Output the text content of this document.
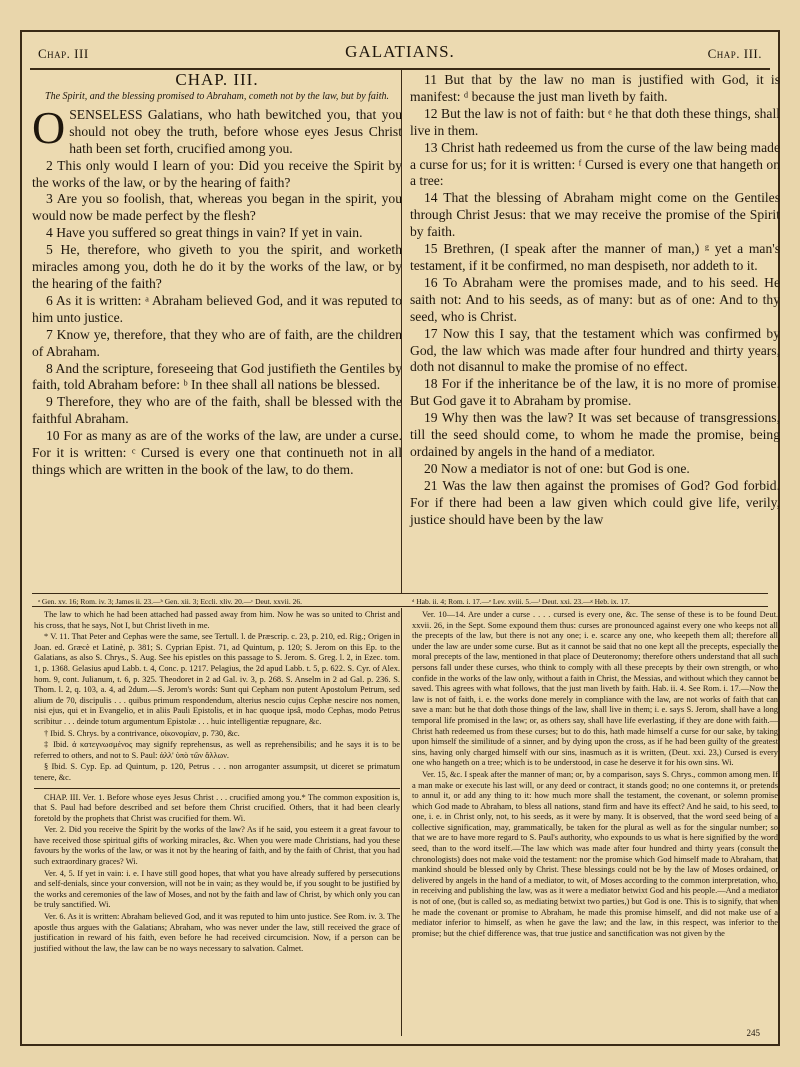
Chap. III	GALATIANS.	Chap. III.
CHAP. III.
The Spirit, and the blessing promised to Abraham, cometh not by the law, but by faith.

OSENSELESS Galatians, who hath bewitched you, that you should not obey the truth, before whose eyes Jesus Christ hath been set forth, crucified among you.

2 This only would I learn of you: Did you receive the Spirit by the works of the law, or by the hearing of faith?

3 Are you so foolish, that, whereas you began in the spirit, you would now be made perfect by the flesh?

4 Have you suffered so great things in vain? If yet in vain.

5 He, therefore, who giveth to you the spirit, and worketh miracles among you, doth he do it by the works of the law, or by the hearing of the faith?

6 As it is written: ᵃ Abraham believed God, and it was reputed to him unto justice.

7 Know ye, therefore, that they who are of faith, are the children of Abraham.

8 And the scripture, foreseeing that God justifieth the Gentiles by faith, told Abraham before: ᵇ In thee shall all nations be blessed.

9 Therefore, they who are of the faith, shall be blessed with the faithful Abraham.

10 For as many as are of the works of the law, are under a curse. For it is written: ᶜ Cursed is every one that continueth not in all things which are written in the book of the law, to do them.

11 But that by the law no man is justified with God, it is manifest: ᵈ because the just man liveth by faith.

12 But the law is not of faith: but ᵉ he that doth these things, shall live in them.

13 Christ hath redeemed us from the curse of the law being made a curse for us; for it is written: ᶠ Cursed is every one that hangeth on a tree:

14 That the blessing of Abraham might come on the Gentiles through Christ Jesus: that we may receive the promise of the Spirit by faith.

15 Brethren, (I speak after the manner of man,) ᵍ yet a man's testament, if it be confirmed, no man despiseth, nor addeth to it.

16 To Abraham were the promises made, and to his seed. He saith not: And to his seeds, as of many: but as of one: And to thy seed, who is Christ.

17 Now this I say, that the testament which was confirmed by God, the law which was made after four hundred and thirty years, doth not disannul to make the promise of no effect.

18 For if the inheritance be of the law, it is no more of promise. But God gave it to Abraham by promise.

19 Why then was the law? It was set because of transgressions, till the seed should come, to whom he made the promise, being ordained by angels in the hand of a mediator.

20 Now a mediator is not of one: but God is one.

21 Was the law then against the promises of God? God forbid. For if there had been a law given which could give life, verily, justice should have been by the law

ᵃ Gen. xv. 16; Rom. iv. 3; James ii. 23.—ᵇ Gen. xii. 3; Eccli. xliv. 20.—ᶜ Deut. xxvii. 26.	ᵈ Hab. ii. 4; Rom. i. 17.—ᵉ Lev. xviii. 5.—ᶠ Deut. xxi. 23.—ᵍ Heb. ix. 17.

The law to which he had been attached had passed away from him. Now he was so united to Christ and his cross, that he says, Not I, but Christ liveth in me.

* V. 11. That Peter and Cephas were the same, see Tertull. l. de Præscrip. c. 23, p. 210, ed. Rig.; Origen in Joan. ed. Græcè et Latinè, p. 381; S. Cyprian Epist. 71, ad Quintum, p. 120; S. Jerom on this Ep. to the Galatians, as also S. Chrys., S. Aug. See his epistles on this passage to S. Jerom. S. Greg. l. 2, in Ezec. tom. 1, p. 1368. Gelasius apud Labb. t. 4, Conc. p. 1217. Pelagius, the 2d apud Labb. t. 5, p. 622. S. Cyr. of Alex. hom. 9, cont. Julianum, t. 6, p. 325. Theodoret in 2 ad Gal. iv. 3, p. 268. S. Anselm in 2 ad Gal. p. 236. S. Thom. l. 2, q. 103, a. 4, ad 2dum.—S. Jerom's words: Sunt qui Cepham non putent Apostolum Petrum, sed alium de 70, discipulis . . . quibus primum respondendum, alterius nescio cujus Cephæ nescire nos nomen, nisi ejus, qui et in Evangelio, et in aliis Pauli Epistolis, et in hac quoque ipsâ, modo Cephas, modo Petrus scribitur . . . deinde totum argumentum Epistolæ . . . huic intelligentiæ repugnare, &c.

† Ibid. S. Chrys. by a contrivance, οἰκονομίαν, p. 730, &c.

‡ Ibid. ἀ κατεγνωσμένος may signify reprehensus, as well as reprehensibilis; and he says it is to be referred to others, and not to S. Paul: ἀλλ' ὑπὸ τῶν ἄλλων.

§ Ibid. S. Cyp. Ep. ad Quintum, p. 120, Petrus . . . non arroganter assumpsit, ut diceret se primatum tenere, &c.

CHAP. III. Ver. 1. Before whose eyes Jesus Christ . . . crucified among you.* The common exposition is, that S. Paul had before described and set before them Christ crucified. Others, that it had been clearly foretold by the prophets that Christ was crucified for them. Wi.

Ver. 2. Did you receive the Spirit by the works of the law? As if he said, you esteem it a great favour to have received those spiritual gifts of working miracles, &c. When you were made Christians, had you these favours by the works of the law, or was it not by the hearing of faith, and by the faith of Christ, that you had such extraordinary graces? Wi.

Ver. 4, 5. If yet in vain: i. e. I have still good hopes, that what you have already suffered by persecutions and self-denials, since your conversion, will not be in vain; as they would be, if you sought to be justified by the works and ceremonies of the law of Moses, and not by the faith and law of Christ, by which only you can be truly sanctified. Wi.

Ver. 6. As it is written: Abraham believed God, and it was reputed to him unto justice. See Rom. iv. 3. The apostle thus argues with the Galatians; Abraham, who was never under the law, still received the grace of justification in reward of his faith, even before he had received circumcision. Now, if a person can be justified without the law, the law can be no ways necessary to salvation. Calmet.

Ver. 10—14. Are under a curse . . . . cursed is every one, &c. The sense of these is to be found Deut. xxvii. 26, in the Sept. Some expound them thus: curses are pronounced against every one who keeps not all the precepts of the law, but there is not any one; i. e. scarce any one, who keepeth them all; therefore all under the law are under some curse. But as it cannot be said that no one kept all the precepts, especially the moral precepts of the law, mentioned in that place of Deuteronomy; therefore others understand that all such persons fall under these curses, who think to comply with all these precepts by their own strength, or who confide in the works of the law only, without a faith in Christ, the Messias, and without which they cannot be saved. This agrees with what follows, that the just man liveth by faith. Hab. ii. 4. See Rom. i. 17.—Now the law is not of faith, i. e. the works done merely in compliance with the law, are not works of faith that can save a man: but he that doth those things of the law, shall live in them; i. e. says S. Jerom, shall have a long temporal life promised in the law; or, as others say, shall have life everlasting, if they are done with faith.—Christ hath redeemed us from these curses; but to do this, hath made himself a curse for our sake, by taking upon himself the similitude of a sinner, and by dying upon the cross, as if he had been guilty of the greatest sins, having only charged himself with our sins, inasmuch as it is written, (Deut. xxi. 23,) Cursed is every one who hangeth on a tree; which is to be understood, in case he deserve it for his own sins. Wi.

Ver. 15, &c. I speak after the manner of man; or, by a comparison, says S. Chrys., common among men. If a man make or execute his last will, or any deed or contract, it stands good; no one contemns it, or pretends to annul it, or add any thing to it: how much more shall the testament, the covenant, or solemn promise which God made to Abraham, to bless all nations, stand firm and have its effect? And he said, to his seed, to one, i. e. in Christ only, not, to his seeds, as it were by many. It is observed, that the word seed being of a collective signification, may, grammatically, be taken for the plural as well as for the singular number; so that we are to have more regard to S. Paul's authority, who expounds to us what is here signified by the word seed, than to the word itself.—The law which was made after four hundred and thirty years (consult the chronologists) does not make void the testament: nor the promise which God himself made to Abraham, that mankind should be blessed only by Christ. These blessings could not be by the law of Moses ordained, or delivered by angels in the hand of a mediator, to wit, of Moses according to the common interpretation, who, in receiving and publishing the law, was as it were a mediator betwixt God and his people.—And a mediator is not of one, (but is called so, as mediating betwixt two parties,) but God is one. This is to signify, that when he made the covenant or promise to Abraham, he made this promise himself, and did not make use of a mediator inferior to himself, as when he gave the law; and the law, in this respect, was inferior to the promise; but the chief difference was, that true justice and sanctification was not given by the

245
